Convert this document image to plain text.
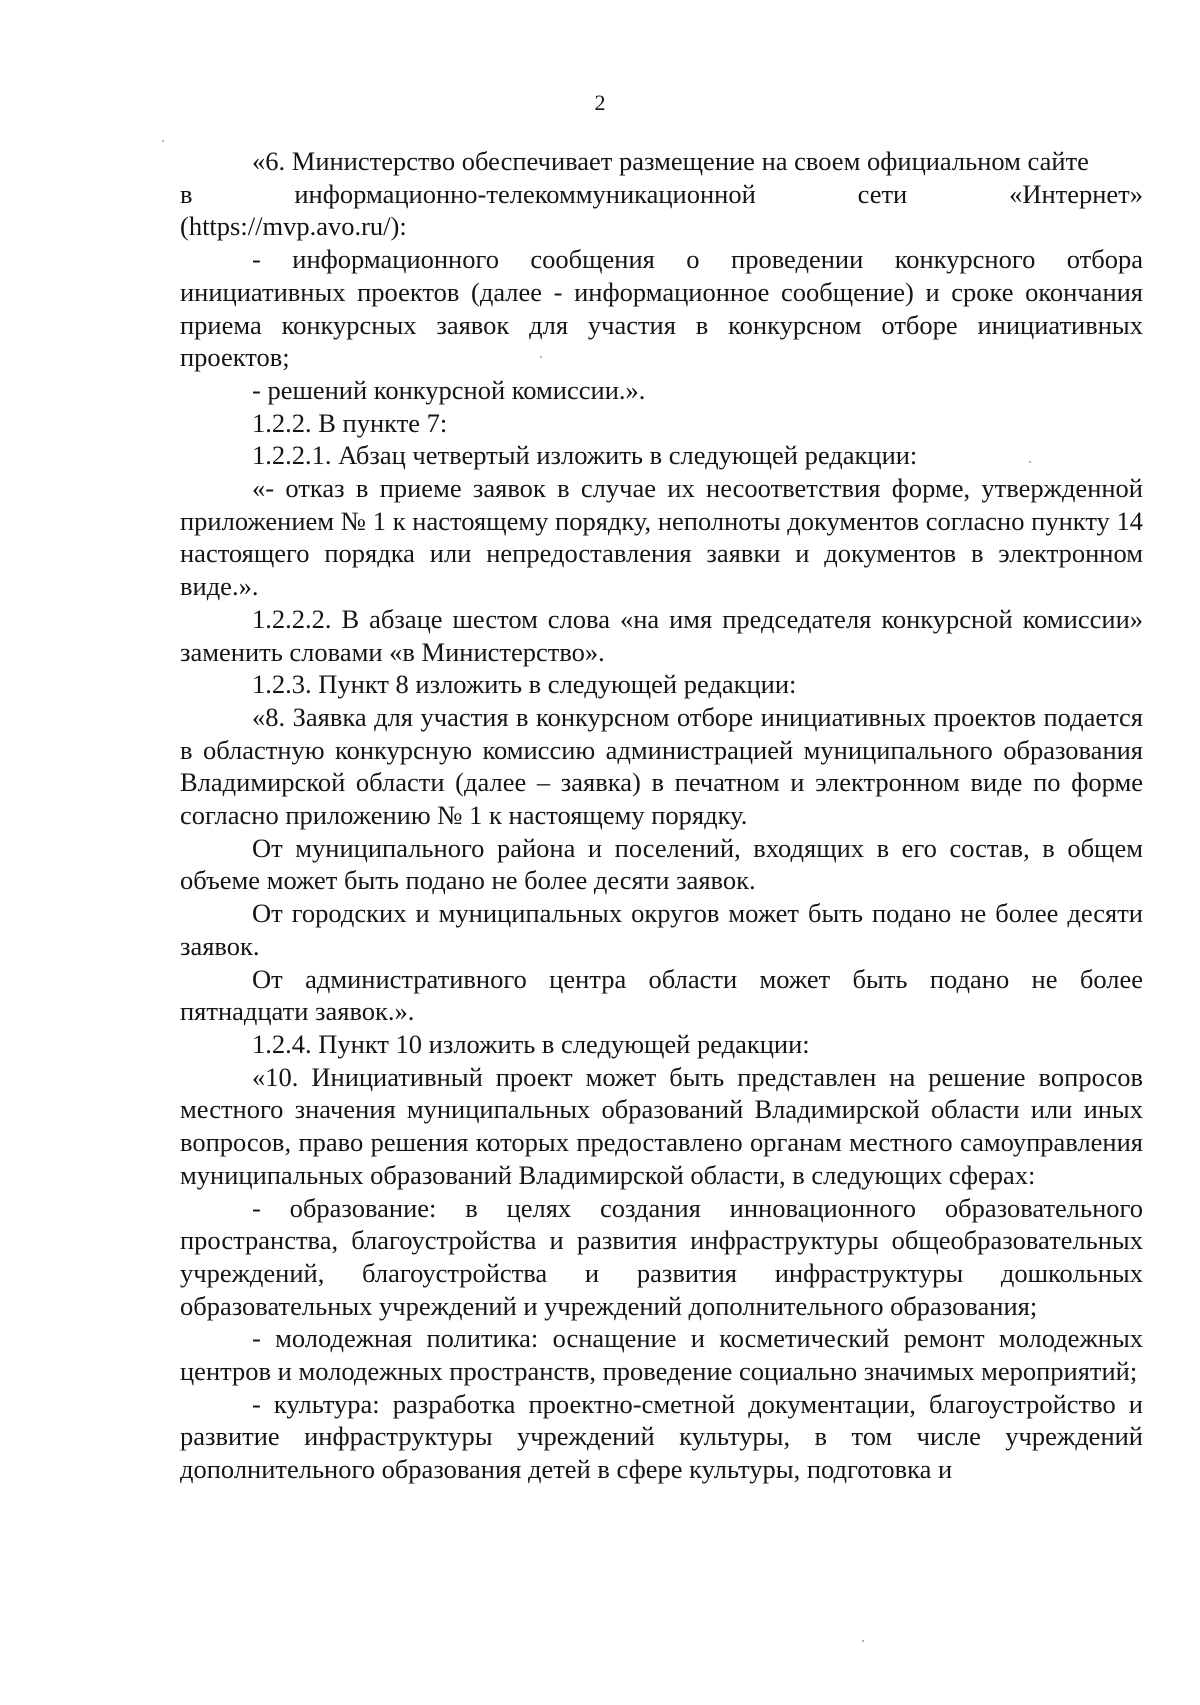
2

«6. Министерство обеспечивает размещение на своем официальном сайте

в	информационно-телекоммуникационной	сети	«Интернет»

(https://mvp.avo.ru/):

- информационного сообщения о проведении конкурсного отбора инициативных проектов (далее - информационное сообщение) и сроке окончания приема конкурсных заявок для участия в конкурсном отборе инициативных проектов;

- решений конкурсной комиссии.».

1.2.2. В пункте 7:

1.2.2.1. Абзац четвертый изложить в следующей редакции:

«- отказ в приеме заявок в случае их несоответствия форме, утвержденной приложением № 1 к настоящему порядку, неполноты документов согласно пункту 14 настоящего порядка или непредоставления заявки и документов в электронном виде.».

1.2.2.2. В абзаце шестом слова «на имя председателя конкурсной комиссии» заменить словами «в Министерство».

1.2.3. Пункт 8 изложить в следующей редакции:

«8. Заявка для участия в конкурсном отборе инициативных проектов подается в областную конкурсную комиссию администрацией муниципального образования Владимирской области (далее – заявка) в печатном и электронном виде по форме согласно приложению № 1 к настоящему порядку.

От муниципального района и поселений, входящих в его состав, в общем объеме может быть подано не более десяти заявок.

От городских и муниципальных округов может быть подано не более десяти заявок.

От административного центра области может быть подано не более пятнадцати заявок.».

1.2.4. Пункт 10 изложить в следующей редакции:

«10. Инициативный проект может быть представлен на решение вопросов местного значения муниципальных образований Владимирской области или иных вопросов, право решения которых предоставлено органам местного самоуправления муниципальных образований Владимирской области, в следующих сферах:

- образование: в целях создания инновационного образовательного пространства, благоустройства и развития инфраструктуры общеобразовательных учреждений, благоустройства и развития инфраструктуры дошкольных образовательных учреждений и учреждений дополнительного образования;

- молодежная политика: оснащение и косметический ремонт молодежных центров и молодежных пространств, проведение социально значимых мероприятий;

- культура: разработка проектно-сметной документации, благоустройство и развитие инфраструктуры учреждений культуры, в том числе учреждений дополнительного образования детей в сфере культуры, подготовка и
